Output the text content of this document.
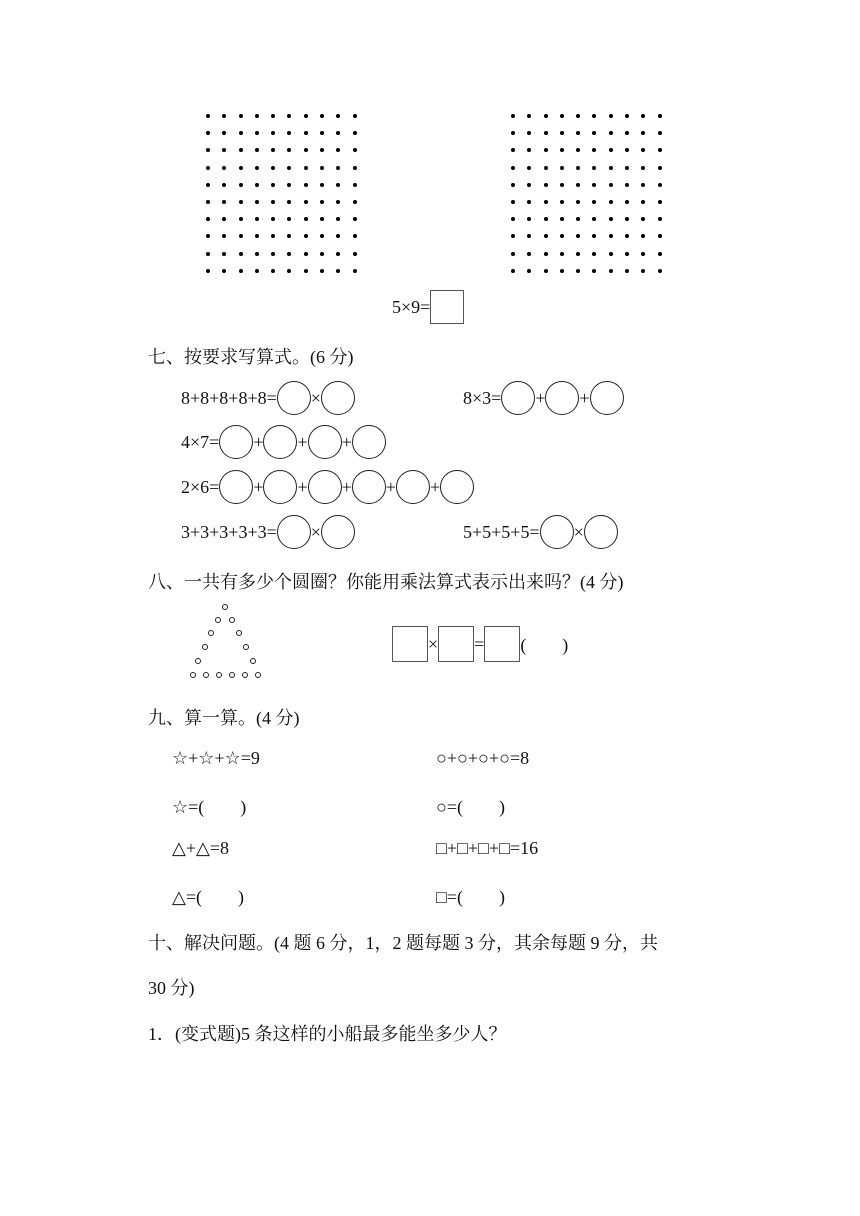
5×9=
七、按要求写算式。(6 分)
8+8+8+8+8= ×	8×3= + +
4×7= + + +
2×6= + + + + +
3+3+3+3+3= ×	5+5+5+5= ×
八、一共有多少个圆圈？你能用乘法算式表示出来吗？(4 分)
× = (　　)
九、算一算。(4 分)
☆+☆+☆=9	○+○+○+○=8
☆=(　　)	○=(　　)
△+△=8	□+□+□+□=16
△=(　　)	□=(　　)
十、解决问题。(4 题 6 分，1，2 题每题 3 分，其余每题 9 分，共
30 分)
1．(变式题)5 条这样的小船最多能坐多少人？
